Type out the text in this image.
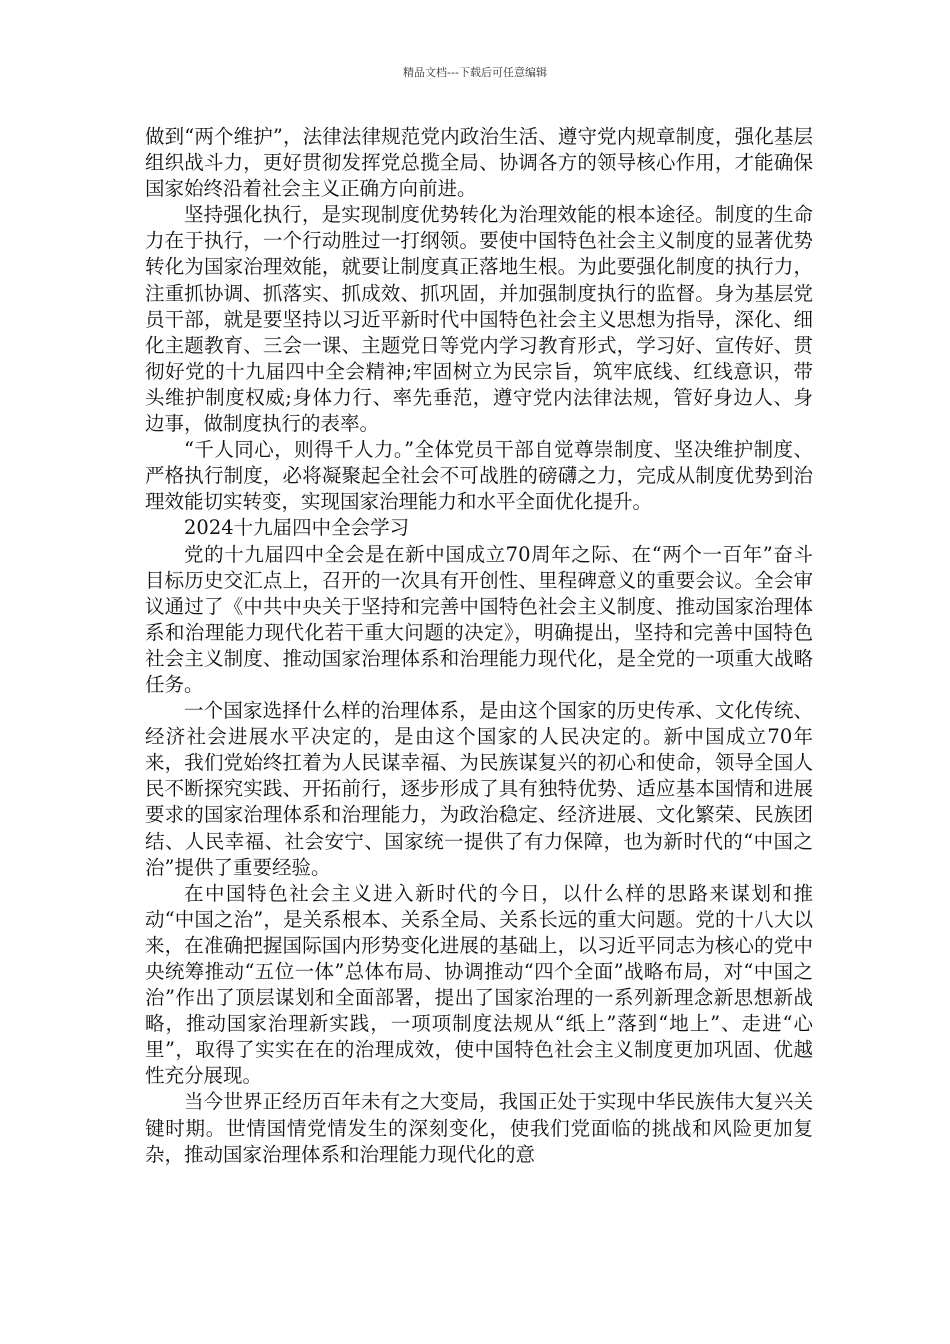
精品文档---下载后可任意编辑

做到“两个维护”，法律法律规范党内政治生活、遵守党内规章制度，强化基层组织战斗力，更好贯彻发挥党总揽全局、协调各方的领导核心作用，才能确保国家始终沿着社会主义正确方向前进。

坚持强化执行，是实现制度优势转化为治理效能的根本途径。制度的生命力在于执行，一个行动胜过一打纲领。要使中国特色社会主义制度的显著优势转化为国家治理效能，就要让制度真正落地生根。为此要强化制度的执行力，注重抓协调、抓落实、抓成效、抓巩固，并加强制度执行的监督。身为基层党员干部，就是要坚持以习近平新时代中国特色社会主义思想为指导，深化、细化主题教育、三会一课、主题党日等党内学习教育形式，学习好、宣传好、贯彻好党的十九届四中全会精神;牢固树立为民宗旨，筑牢底线、红线意识，带头维护制度权威;身体力行、率先垂范，遵守党内法律法规，管好身边人、身边事，做制度执行的表率。

“千人同心，则得千人力。”全体党员干部自觉尊崇制度、坚决维护制度、严格执行制度，必将凝聚起全社会不可战胜的磅礴之力，完成从制度优势到治理效能切实转变，实现国家治理能力和水平全面优化提升。

2024十九届四中全会学习

党的十九届四中全会是在新中国成立70周年之际、在“两个一百年”奋斗目标历史交汇点上，召开的一次具有开创性、里程碑意义的重要会议。全会审议通过了《中共中央关于坚持和完善中国特色社会主义制度、推动国家治理体系和治理能力现代化若干重大问题的决定》，明确提出，坚持和完善中国特色社会主义制度、推动国家治理体系和治理能力现代化，是全党的一项重大战略任务。

一个国家选择什么样的治理体系，是由这个国家的历史传承、文化传统、经济社会进展水平决定的，是由这个国家的人民决定的。新中国成立70年来，我们党始终扛着为人民谋幸福、为民族谋复兴的初心和使命，领导全国人民不断探究实践、开拓前行，逐步形成了具有独特优势、适应基本国情和进展要求的国家治理体系和治理能力，为政治稳定、经济进展、文化繁荣、民族团结、人民幸福、社会安宁、国家统一提供了有力保障，也为新时代的“中国之治”提供了重要经验。

在中国特色社会主义进入新时代的今日，以什么样的思路来谋划和推动“中国之治”，是关系根本、关系全局、关系长远的重大问题。党的十八大以来，在准确把握国际国内形势变化进展的基础上，以习近平同志为核心的党中央统筹推动“五位一体”总体布局、协调推动“四个全面”战略布局，对“中国之治”作出了顶层谋划和全面部署，提出了国家治理的一系列新理念新思想新战略，推动国家治理新实践，一项项制度法规从“纸上”落到“地上”、走进“心里”，取得了实实在在的治理成效，使中国特色社会主义制度更加巩固、优越性充分展现。

当今世界正经历百年未有之大变局，我国正处于实现中华民族伟大复兴关键时期。世情国情党情发生的深刻变化，使我们党面临的挑战和风险更加复杂，推动国家治理体系和治理能力现代化的意
